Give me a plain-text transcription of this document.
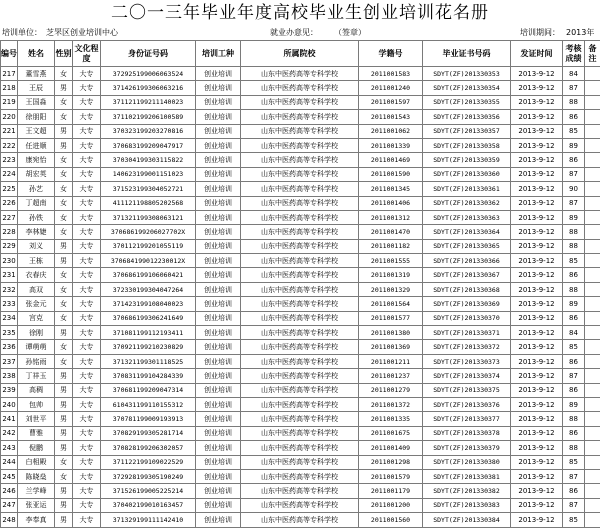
二〇一三年毕业年度高校毕业生创业培训花名册
培训单位： 芝罘区创业培训中心	就业办意见： （签章）	培训期间： 2013年
编号	姓名	性别	文化程度	身份证号码	培训工种	所属院校	学籍号	毕业证书号码	发证时间	考核成绩	备注
217	董雪燕	女	大专	372925199006063524	创业培训	山东中医药高等专科学校	2011001583	SDYT(ZF)201330353	2013-9-12	84	
218	王辰	男	大专	371426199306063216	创业培训	山东中医药高等专科学校	2011001240	SDYT(ZF)201330354	2013-9-12	87	
219	王国淼	女	大专	371121199211140023	创业培训	山东中医药高等专科学校	2011001597	SDYT(ZF)201330355	2013-9-12	88	
220	徐朋阳	女	大专	371102199206100589	创业培训	山东中医药高等专科学校	2011001543	SDYT(ZF)201330356	2013-9-12	86	
221	王文超	男	大专	370323199203270816	创业培训	山东中医药高等专科学校	2011001062	SDYT(ZF)201330357	2013-9-12	85	
222	任进顺	男	大专	370683199209047917	创业培训	山东中医药高等专科学校	2011001339	SDYT(ZF)201330358	2013-9-12	89	
223	康宛怡	女	大专	370304199303115822	创业培训	山东中医药高等专科学校	2011001469	SDYT(ZF)201330359	2013-9-12	86	
224	胡宏英	女	大专	140623199001151023	创业培训	山东中医药高等专科学校	2011001590	SDYT(ZF)201330360	2013-9-12	87	
225	孙艺	女	大专	371523199304052721	创业培训	山东中医药高等专科学校	2011001345	SDYT(ZF)201330361	2013-9-12	90	
226	丁超南	女	大专	411121198805202568	创业培训	山东中医药高等专科学校	2011001406	SDYT(ZF)201330362	2013-9-12	87	
227	孙铁	女	大专	371321199308063121	创业培训	山东中医药高等专科学校	2011001312	SDYT(ZF)201330363	2013-9-12	89	
228	李林婕	女	大专	370686199206027702X	创业培训	山东中医药高等专科学校	2011001470	SDYT(ZF)201330364	2013-9-12	88	
229	刘义	男	大专	370112199201055119	创业培训	山东中医药高等专科学校	2011001182	SDYT(ZF)201330365	2013-9-12	88	
230	王栋	男	大专	370684199012230012X	创业培训	山东中医药高等专科学校	2011001555	SDYT(ZF)201330366	2013-9-12	85	
231	衣春庆	女	大专	370686199106060421	创业培训	山东中医药高等专科学校	2011001319	SDYT(ZF)201330367	2013-9-12	86	
232	高双	女	大专	372330199304047264	创业培训	山东中医药高等专科学校	2011001329	SDYT(ZF)201330368	2013-9-12	88	
233	张金元	女	大专	371423199108040023	创业培训	山东中医药高等专科学校	2011001564	SDYT(ZF)201330369	2013-9-12	89	
234	宫克	女	大专	370686199306241649	创业培训	山东中医药高等专科学校	2011001577	SDYT(ZF)201330370	2013-9-12	86	
235	徐刚	男	大专	371081199112193411	创业培训	山东中医药高等专科学校	2011001380	SDYT(ZF)201330371	2013-9-12	84	
236	谭萌萌	女	大专	370921199210230829	创业培训	山东中医药高等专科学校	2011001369	SDYT(ZF)201330372	2013-9-12	85	
237	孙铭雨	女	大专	371321199301118525	创业培训	山东中医药高等专科学校	2011001211	SDYT(ZF)201330373	2013-9-12	86	
238	丁祥玉	男	大专	370831199104284339	创业培训	山东中医药高等专科学校	2011001237	SDYT(ZF)201330374	2013-9-12	87	
239	高稠	男	大专	370681199209047314	创业培训	山东中医药高等专科学校	2011001279	SDYT(ZF)201330375	2013-9-12	86	
240	包帅	男	大专	610431199110155312	创业培训	山东中医药高等专科学校	2011001372	SDYT(ZF)201330376	2013-9-12	89	
241	刘世平	男	大专	370781199009193913	创业培训	山东中医药高等专科学校	2011001335	SDYT(ZF)201330377	2013-9-12	88	
242	曹雅	男	大专	370829199305281714	创业培训	山东中医药高等专科学校	2011001675	SDYT(ZF)201330378	2013-9-12	86	
243	倪鹏	男	大专	370828199206302057	创业培训	山东中医药高等专科学校	2011001409	SDYT(ZF)201330379	2013-9-12	88	
244	白相殿	女	大专	371122199109022529	创业培训	山东中医药高等专科学校	2011001298	SDYT(ZF)201330380	2013-9-12	85	
245	陈晓燊	女	大专	372928199305190249	创业培训	山东中医药高等专科学校	2011001579	SDYT(ZF)201330381	2013-9-12	87	
246	兰学峰	男	大专	371526199005225214	创业培训	山东中医药高等专科学校	2011001179	SDYT(ZF)201330382	2013-9-12	86	
247	张亚运	男	大专	370402199010163457	创业培训	山东中医药高等专科学校	2011001200	SDYT(ZF)201330383	2013-9-12	87	
248	李奉真	男	大专	371329199111142410	创业培训	山东中医药高等专科学校	2011001560	SDYT(ZF)201330384	2013-9-12	85	
